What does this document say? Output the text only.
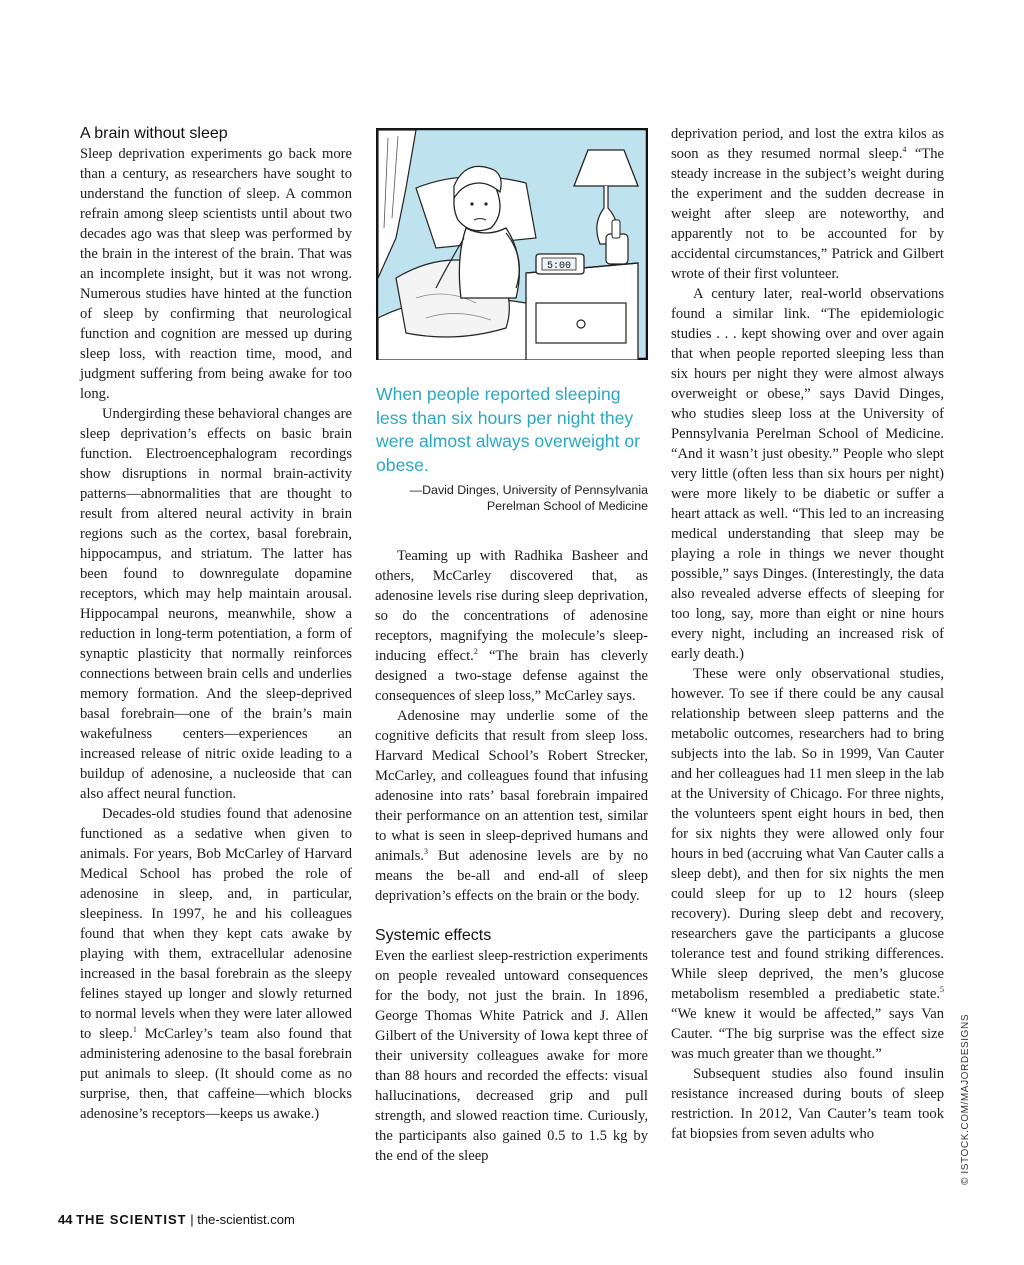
A brain without sleep

Sleep deprivation experiments go back more than a century, as researchers have sought to understand the function of sleep. A common refrain among sleep scientists until about two decades ago was that sleep was performed by the brain in the interest of the brain. That was an incomplete insight, but it was not wrong. Numerous studies have hinted at the function of sleep by confirming that neurological function and cognition are messed up during sleep loss, with reaction time, mood, and judgment suffering from being awake for too long.

Undergirding these behavioral changes are sleep deprivation’s effects on basic brain function. Electroencephalogram recordings show disruptions in normal brain-activity patterns—abnormalities that are thought to result from altered neural activity in brain regions such as the cortex, basal forebrain, hippocampus, and striatum. The latter has been found to downregulate dopamine receptors, which may help maintain arousal. Hippocampal neurons, meanwhile, show a reduction in long-term potentiation, a form of synaptic plasticity that normally reinforces connections between brain cells and underlies memory formation. And the sleep-deprived basal forebrain—one of the brain’s main wakefulness centers—experiences an increased release of nitric oxide leading to a buildup of adenosine, a nucleoside that can also affect neural function.

Decades-old studies found that adenosine functioned as a sedative when given to animals. For years, Bob McCarley of Harvard Medical School has probed the role of adenosine in sleep, and, in particular, sleepiness. In 1997, he and his colleagues found that when they kept cats awake by playing with them, extracellular adenosine increased in the basal forebrain as the sleepy felines stayed up longer and slowly returned to normal levels when they were later allowed to sleep.$^1$ McCarley’s team also found that administering adenosine to the basal forebrain put animals to sleep. (It should come as no surprise, then, that caffeine—which blocks adenosine’s receptors—keeps us awake.)

5:00
When people reported sleeping less than six hours per night they were almost always overweight or obese.
—David Dinges, University of Pennsylvania
Perelman School of Medicine

Teaming up with Radhika Basheer and others, McCarley discovered that, as adenosine levels rise during sleep deprivation, so do the concentrations of adenosine receptors, magnifying the molecule’s sleep-inducing effect.$^2$ “The brain has cleverly designed a two-stage defense against the consequences of sleep loss,” McCarley says.

Adenosine may underlie some of the cognitive deficits that result from sleep loss. Harvard Medical School’s Robert Strecker, McCarley, and colleagues found that infusing adenosine into rats’ basal forebrain impaired their performance on an attention test, similar to what is seen in sleep-deprived humans and animals.$^3$ But adenosine levels are by no means the be-all and end-all of sleep deprivation’s effects on the brain or the body.

Systemic effects

Even the earliest sleep-restriction experiments on people revealed untoward consequences for the body, not just the brain. In 1896, George Thomas White Patrick and J. Allen Gilbert of the University of Iowa kept three of their university colleagues awake for more than 88 hours and recorded the effects: visual hallucinations, decreased grip and pull strength, and slowed reaction time. Curiously, the participants also gained 0.5 to 1.5 kg by the end of the sleep

deprivation period, and lost the extra kilos as soon as they resumed normal sleep.$^4$ “The steady increase in the subject’s weight during the experiment and the sudden decrease in weight after sleep are noteworthy, and apparently not to be accounted for by accidental circumstances,” Patrick and Gilbert wrote of their first volunteer.

A century later, real-world observations found a similar link. “The epidemiologic studies . . . kept showing over and over again that when people reported sleeping less than six hours per night they were almost always overweight or obese,” says David Dinges, who studies sleep loss at the University of Pennsylvania Perelman School of Medicine. “And it wasn’t just obesity.” People who slept very little (often less than six hours per night) were more likely to be diabetic or suffer a heart attack as well. “This led to an increasing medical understanding that sleep may be playing a role in things we never thought possible,” says Dinges. (Interestingly, the data also revealed adverse effects of sleeping for too long, say, more than eight or nine hours every night, including an increased risk of early death.)

These were only observational studies, however. To see if there could be any causal relationship between sleep patterns and the metabolic outcomes, researchers had to bring subjects into the lab. So in 1999, Van Cauter and her colleagues had 11 men sleep in the lab at the University of Chicago. For three nights, the volunteers spent eight hours in bed, then for six nights they were allowed only four hours in bed (accruing what Van Cauter calls a sleep debt), and then for six nights the men could sleep for up to 12 hours (sleep recovery). During sleep debt and recovery, researchers gave the participants a glucose tolerance test and found striking differences. While sleep deprived, the men’s glucose metabolism resembled a prediabetic state.$^5$ “We knew it would be affected,” says Van Cauter. “The big surprise was the effect size was much greater than we thought.”

Subsequent studies also found insulin resistance increased during bouts of sleep restriction. In 2012, Van Cauter’s team took fat biopsies from seven adults who	© ISTOCK.COM/MAJORDESIGNS
44 THE SCIENTIST | the-scientist.com
